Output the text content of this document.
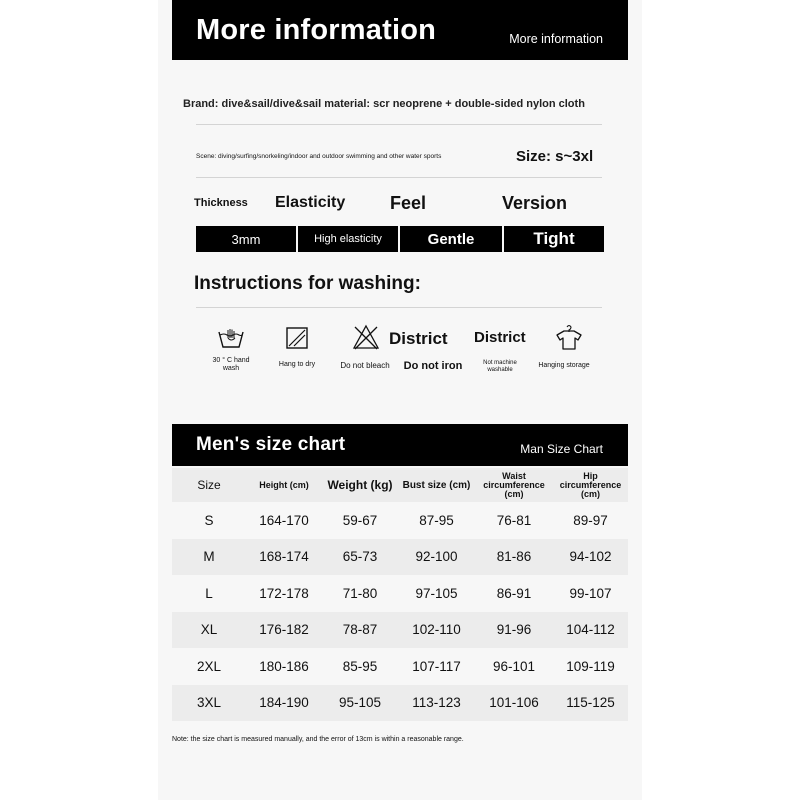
More information	More information
Brand: dive&sail/dive&sail material: scr neoprene + double-sided nylon cloth
Scene: diving/surfing/snorkeling/indoor and outdoor swimming and other water sports	Size: s~3xl
Thickness Elasticity Feel	Version
3mm	High elasticity	Gentle	Tight
Instructions for washing:
30 ° C hand wash
Hang to dry
District
Do not bleach	Do not iron
District
Not machine washable
Hanging storage
Men's size chart	Man Size Chart
Size	Height (cm)	Weight (kg)	Bust size (cm)	Waist circumference (cm)	Hip circumference (cm)
S	164-170	59-67	87-95	76-81	89-97
M	168-174	65-73	92-100	81-86	94-102
L	172-178	71-80	97-105	86-91	99-107
XL	176-182	78-87	102-110	91-96	104-112
2XL	180-186	85-95	107-117	96-101	109-119
3XL	184-190	95-105	113-123	101-106	115-125
Note: the size chart is measured manually, and the error of 13cm is within a reasonable range.
